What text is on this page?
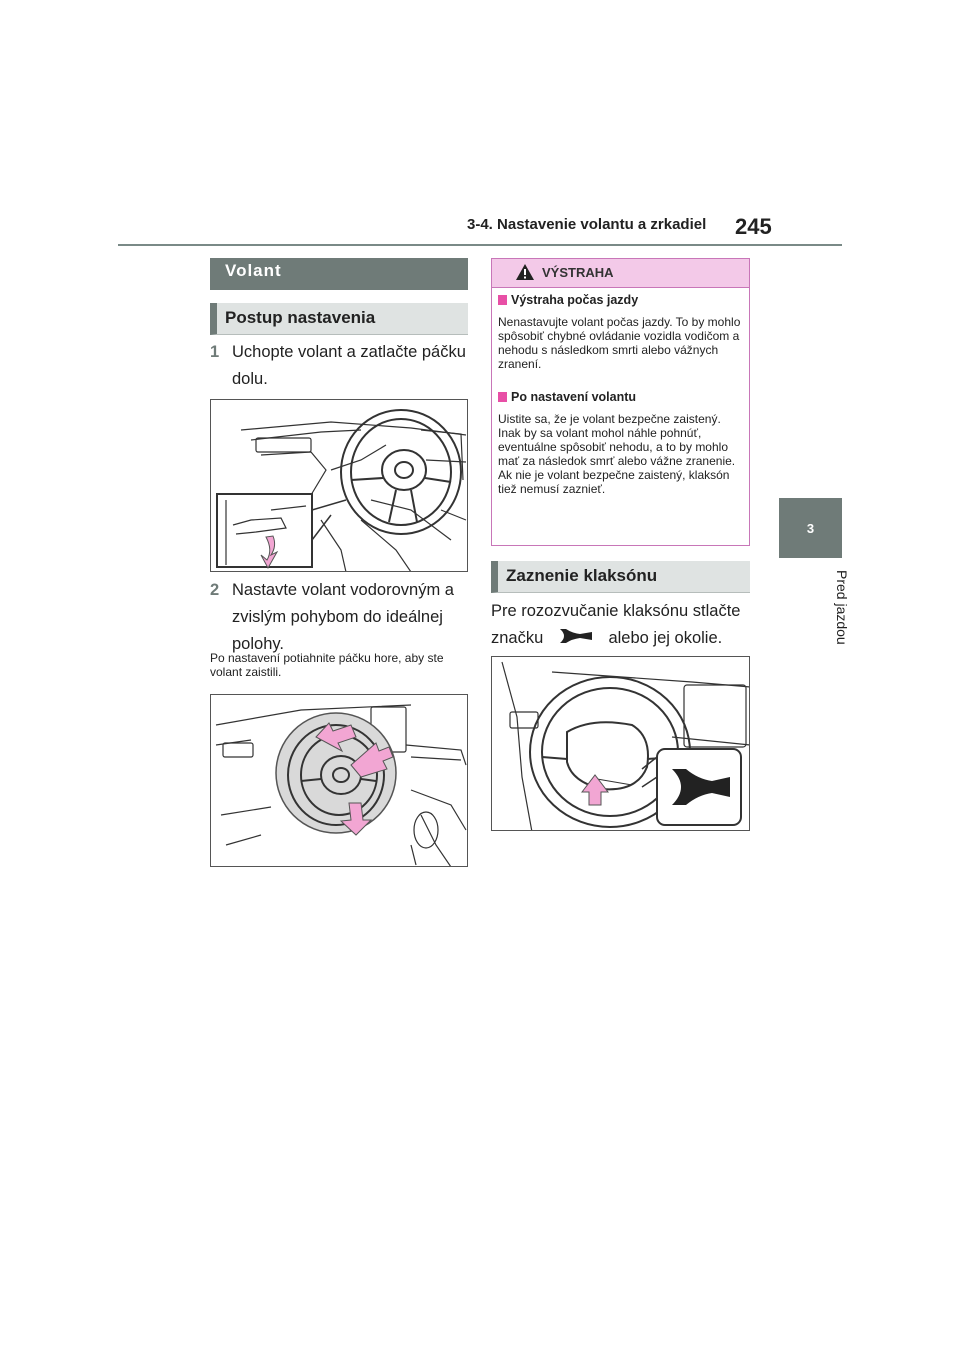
3-4. Nastavenie volantu a zrkadiel 245
3
Pred jazdou
Volant
Postup nastavenia
1 Uchopte volant a zatlačte páčku dolu.
2 Nastavte volant vodorovným a zvislým pohybom do ideálnej polohy.
Po nastavení potiahnite páčku hore, aby ste volant zaistili.
VÝSTRAHA
Výstraha počas jazdy
Nenastavujte volant počas jazdy. To by mohlo spôsobiť chybné ovládanie vozidla vodičom a nehodu s následkom smrti alebo vážnych zranení.
Po nastavení volantu
Uistite sa, že je volant bezpečne zaistený. Inak by sa volant mohol náhle pohnúť, eventuálne spôsobiť nehodu, a to by mohlo mať za následok smrť alebo vážne zranenie. Ak nie je volant bezpečne zaistený, klaksón tiež nemusí zaznieť.
Zaznenie klaksónu
Pre rozozvučanie klaksónu stlačte značku	alebo jej okolie.
